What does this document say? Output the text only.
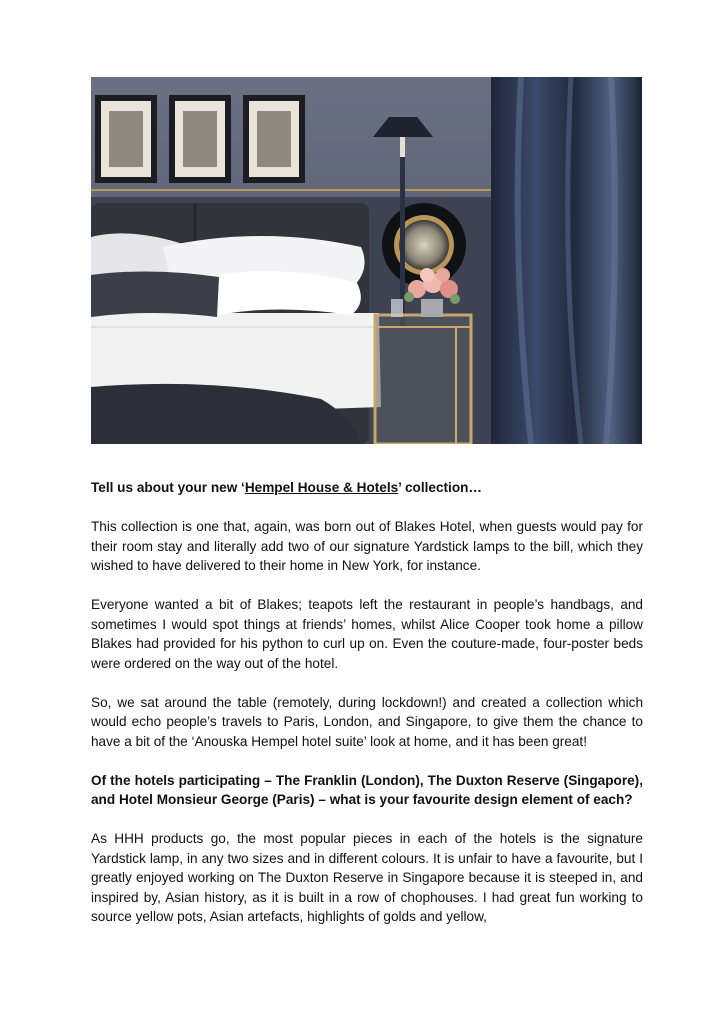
Tell us about your new ‘Hempel House & Hotels’ collection…

This collection is one that, again, was born out of Blakes Hotel, when guests would pay for their room stay and literally add two of our signature Yardstick lamps to the bill, which they wished to have delivered to their home in New York, for instance.

Everyone wanted a bit of Blakes; teapots left the restaurant in people’s handbags, and sometimes I would spot things at friends’ homes, whilst Alice Cooper took home a pillow Blakes had provided for his python to curl up on. Even the couture-made, four-poster beds were ordered on the way out of the hotel.

So, we sat around the table (remotely, during lockdown!) and created a collection which would echo people’s travels to Paris, London, and Singapore, to give them the chance to have a bit of the ‘Anouska Hempel hotel suite’ look at home, and it has been great!

Of the hotels participating – The Franklin (London), The Duxton Reserve (Singapore), and Hotel Monsieur George (Paris) – what is your favourite design element of each?

As HHH products go, the most popular pieces in each of the hotels is the signature Yardstick lamp, in any two sizes and in different colours. It is unfair to have a favourite, but I greatly enjoyed working on The Duxton Reserve in Singapore because it is steeped in, and inspired by, Asian history, as it is built in a row of chophouses. I had great fun working to source yellow pots, Asian artefacts, highlights of golds and yellow,
